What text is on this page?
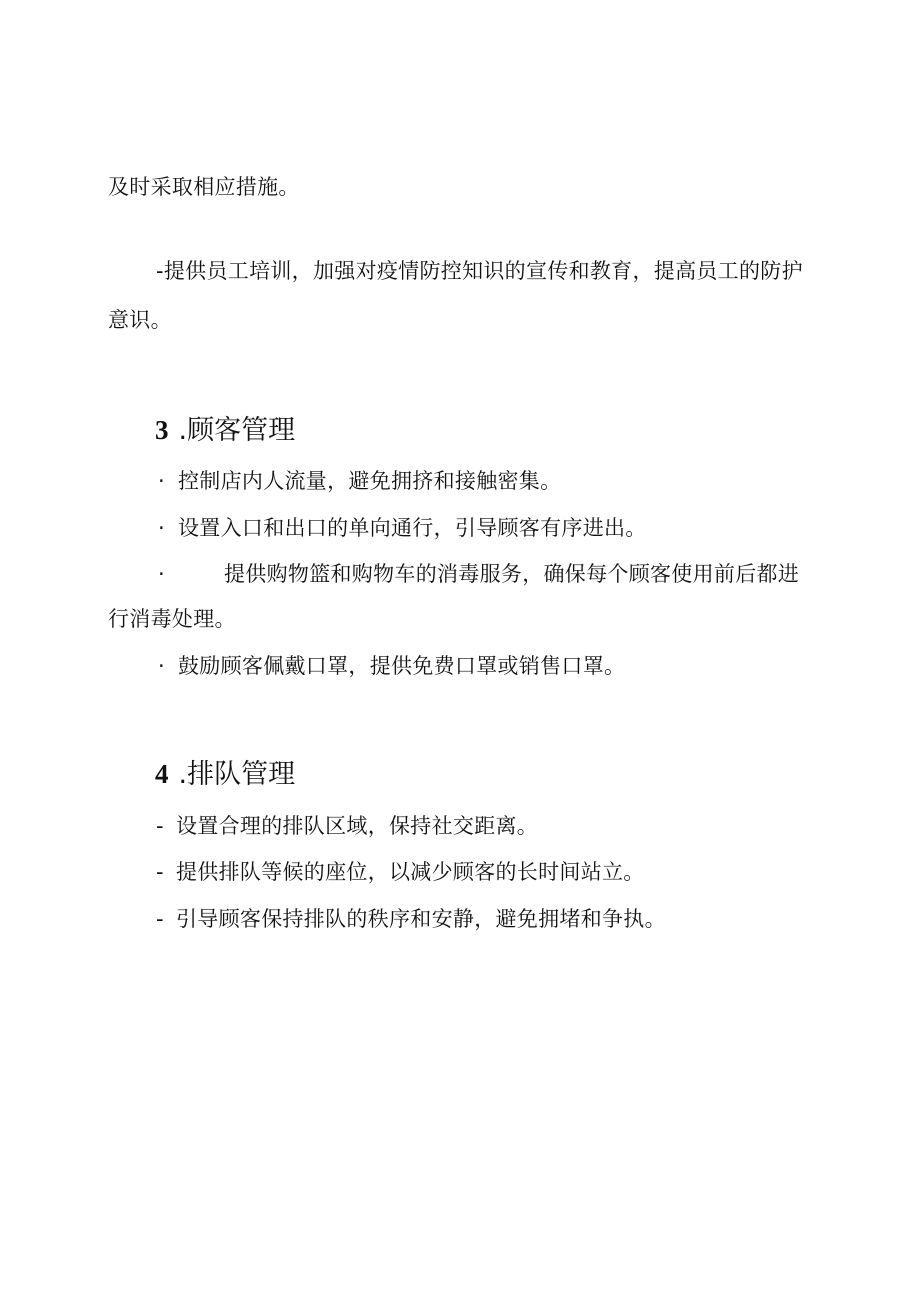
及时采取相应措施。
-提供员工培训，加强对疫情防控知识的宣传和教育，提高员工的防护
意识。
3 .顾客管理
· 控制店内人流量，避免拥挤和接触密集。
· 设置入口和出口的单向通行，引导顾客有序进出。
·	提供购物篮和购物车的消毒服务，确保每个顾客使用前后都进
行消毒处理。
· 鼓励顾客佩戴口罩，提供免费口罩或销售口罩。
4 .排队管理
- 设置合理的排队区域，保持社交距离。
- 提供排队等候的座位，以减少顾客的长时间站立。
- 引导顾客保持排队的秩序和安静，避免拥堵和争执。
